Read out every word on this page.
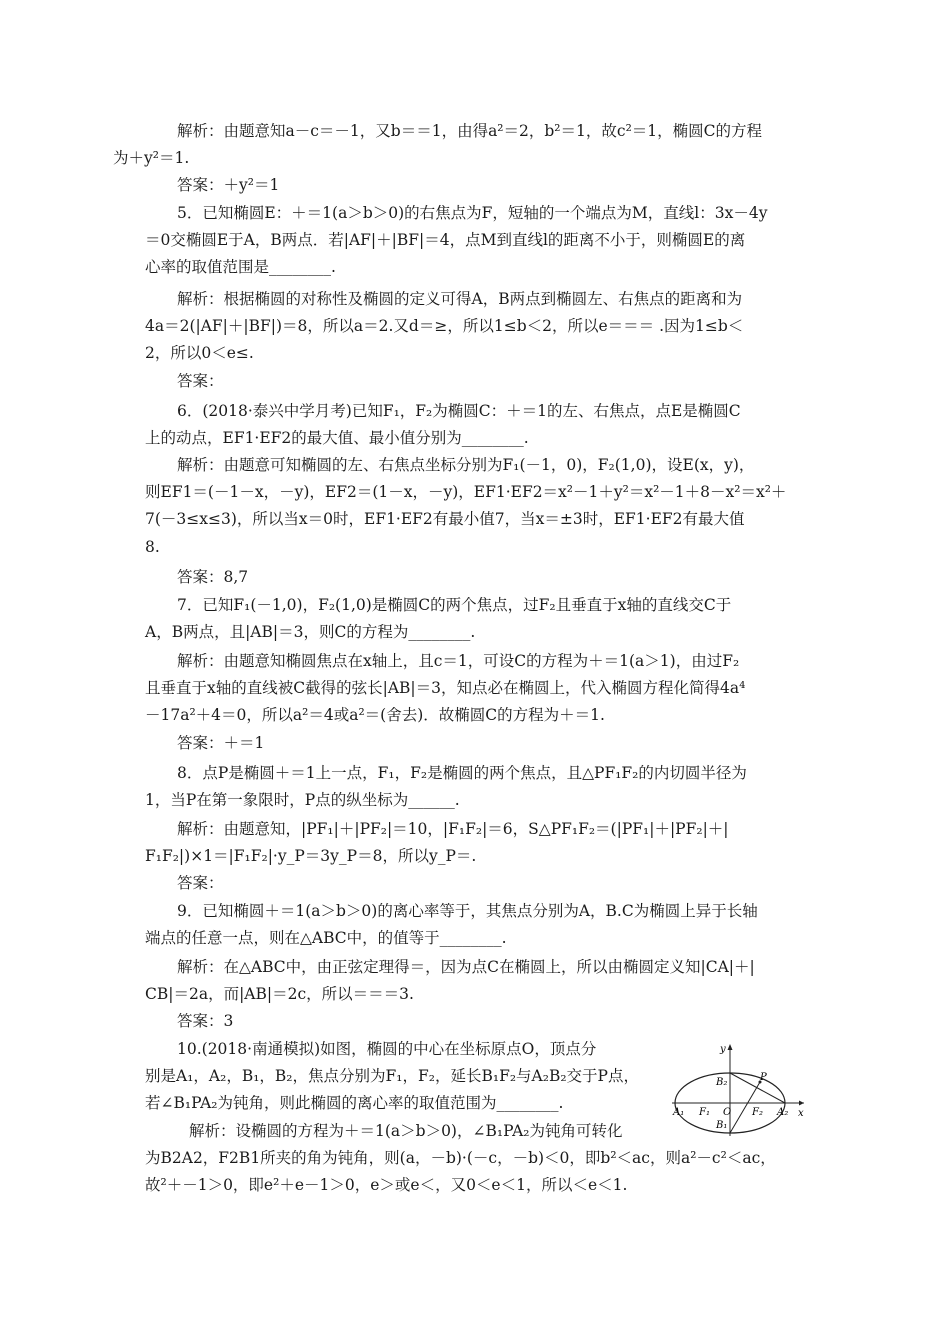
解析：由题意知a－c＝－1，又b＝＝1，由得a²＝2，b²＝1，故c²＝1，椭圆C的方程
为＋y²＝1.
答案：＋y²＝1
5．已知椭圆E：＋＝1(a＞b＞0)的右焦点为F，短轴的一个端点为M，直线l：3x－4y
＝0交椭圆E于A，B两点．若|AF|＋|BF|＝4，点M到直线l的距离不小于，则椭圆E的离
心率的取值范围是________.
解析：根据椭圆的对称性及椭圆的定义可得A，B两点到椭圆左、右焦点的距离和为
4a＝2(|AF|＋|BF|)＝8，所以a＝2.又d＝≥，所以1≤b＜2，所以e＝＝＝ .因为1≤b＜
2，所以0＜e≤.
答案：
6．(2018·泰兴中学月考)已知F₁，F₂为椭圆C：＋＝1的左、右焦点，点E是椭圆C
上的动点，EF1·EF2的最大值、最小值分别为________.
解析：由题意可知椭圆的左、右焦点坐标分别为F₁(－1，0)，F₂(1,0)，设E(x，y)，
则EF1＝(－1－x，－y)，EF2＝(1－x，－y)，EF1·EF2＝x²－1＋y²＝x²－1＋8－x²＝x²＋
7(－3≤x≤3)，所以当x＝0时，EF1·EF2有最小值7，当x＝±3时，EF1·EF2有最大值
8.
答案：8,7
7．已知F₁(－1,0)，F₂(1,0)是椭圆C的两个焦点，过F₂且垂直于x轴的直线交C于
A，B两点，且|AB|＝3，则C的方程为________.
解析：由题意知椭圆焦点在x轴上，且c＝1，可设C的方程为＋＝1(a＞1)，由过F₂
且垂直于x轴的直线被C截得的弦长|AB|＝3，知点必在椭圆上，代入椭圆方程化简得4a⁴
－17a²＋4＝0，所以a²＝4或a²＝(舍去)．故椭圆C的方程为＋＝1.
答案：＋＝1
8．点P是椭圆＋＝1上一点，F₁，F₂是椭圆的两个焦点，且△PF₁F₂的内切圆半径为
1，当P在第一象限时，P点的纵坐标为______.
解析：由题意知，|PF₁|＋|PF₂|＝10，|F₁F₂|＝6，S△PF₁F₂＝(|PF₁|＋|PF₂|＋|
F₁F₂|)×1＝|F₁F₂|·y_P＝3y_P＝8，所以y_P＝.
答案：
9．已知椭圆＋＝1(a＞b＞0)的离心率等于，其焦点分别为A，B.C为椭圆上异于长轴
端点的任意一点，则在△ABC中，的值等于________.
解析：在△ABC中，由正弦定理得＝，因为点C在椭圆上，所以由椭圆定义知|CA|＋|
CB|＝2a，而|AB|＝2c，所以＝＝＝3.
答案：3
10.(2018·南通模拟)如图，椭圆的中心在坐标原点O，顶点分
别是A₁，A₂，B₁，B₂，焦点分别为F₁，F₂，延长B₁F₂与A₂B₂交于P点，
若∠B₁PA₂为钝角，则此椭圆的离心率的取值范围为________.
解析：设椭圆的方程为＋＝1(a＞b＞0)，∠B₁PA₂为钝角可转化
为B2A2，F2B1所夹的角为钝角，则(a，－b)·(－c，－b)＜0，即b²＜ac，则a²－c²＜ac，
故²＋－1＞0，即e²＋e－1＞0，e＞或e＜，又0＜e＜1，所以＜e＜1.
y
x
B₂	P
A₁ F₁ O F₂ A₂
B₁
